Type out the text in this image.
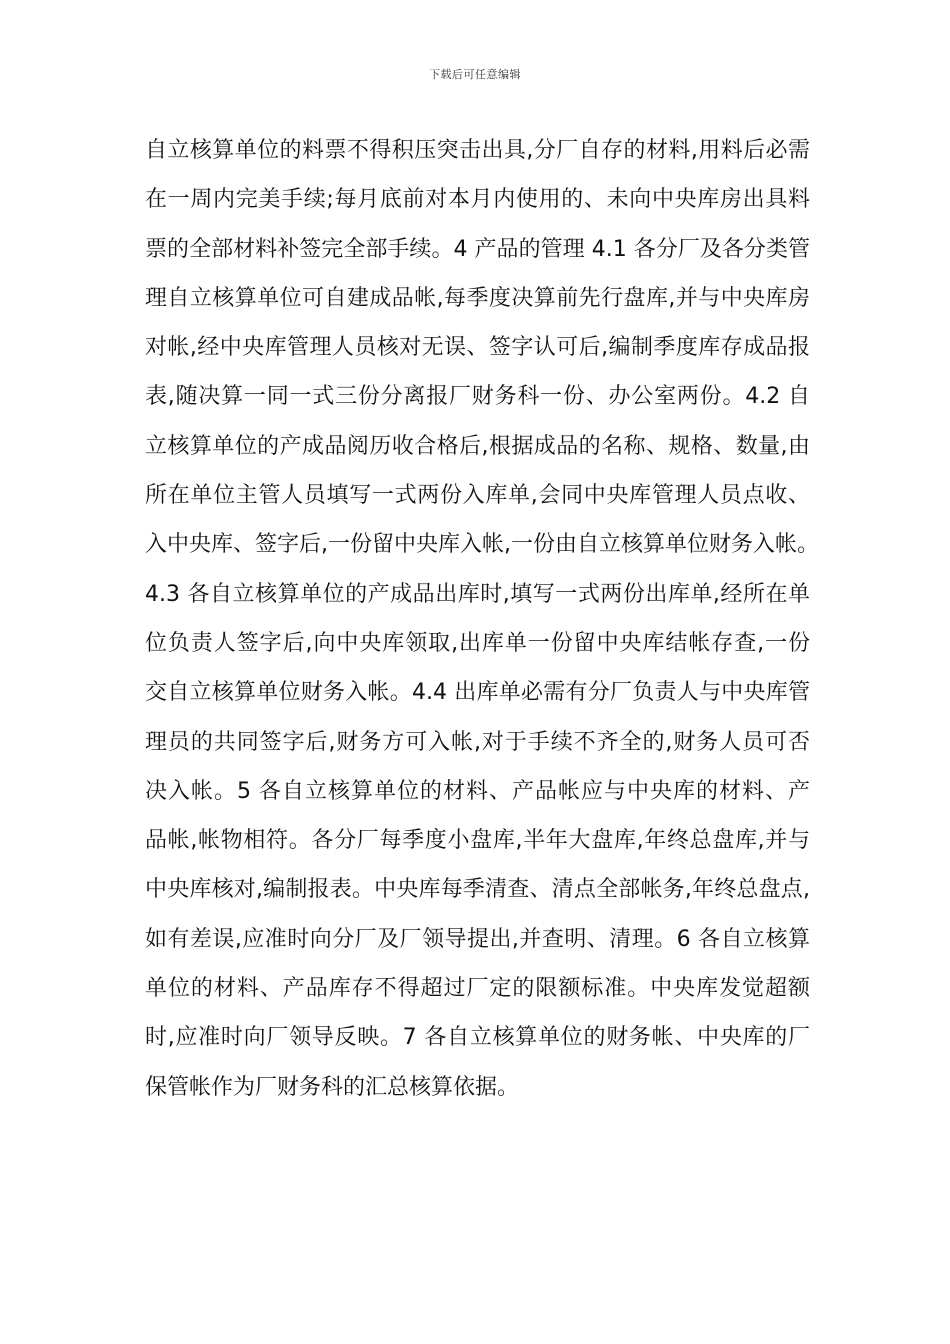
下载后可任意编辑
自立核算单位的料票不得积压突击出具,分厂自存的材料,用料后必需
在一周内完美手续;每月底前对本月内使用的、未向中央库房出具料
票的全部材料补签完全部手续。4 产品的管理 4.1 各分厂及各分类管
理自立核算单位可自建成品帐,每季度决算前先行盘库,并与中央库房
对帐,经中央库管理人员核对无误、签字认可后,编制季度库存成品报
表,随决算一同一式三份分离报厂财务科一份、办公室两份。4.2 自
立核算单位的产成品阅历收合格后,根据成品的名称、规格、数量,由
所在单位主管人员填写一式两份入库单,会同中央库管理人员点收、
入中央库、签字后,一份留中央库入帐,一份由自立核算单位财务入帐。
4.3 各自立核算单位的产成品出库时,填写一式两份出库单,经所在单
位负责人签字后,向中央库领取,出库单一份留中央库结帐存查,一份
交自立核算单位财务入帐。4.4 出库单必需有分厂负责人与中央库管
理员的共同签字后,财务方可入帐,对于手续不齐全的,财务人员可否
决入帐。5 各自立核算单位的材料、产品帐应与中央库的材料、产
品帐,帐物相符。各分厂每季度小盘库,半年大盘库,年终总盘库,并与
中央库核对,编制报表。中央库每季清查、清点全部帐务,年终总盘点,
如有差误,应准时向分厂及厂领导提出,并查明、清理。6 各自立核算
单位的材料、产品库存不得超过厂定的限额标准。中央库发觉超额
时,应准时向厂领导反映。7 各自立核算单位的财务帐、中央库的厂
保管帐作为厂财务科的汇总核算依据。
